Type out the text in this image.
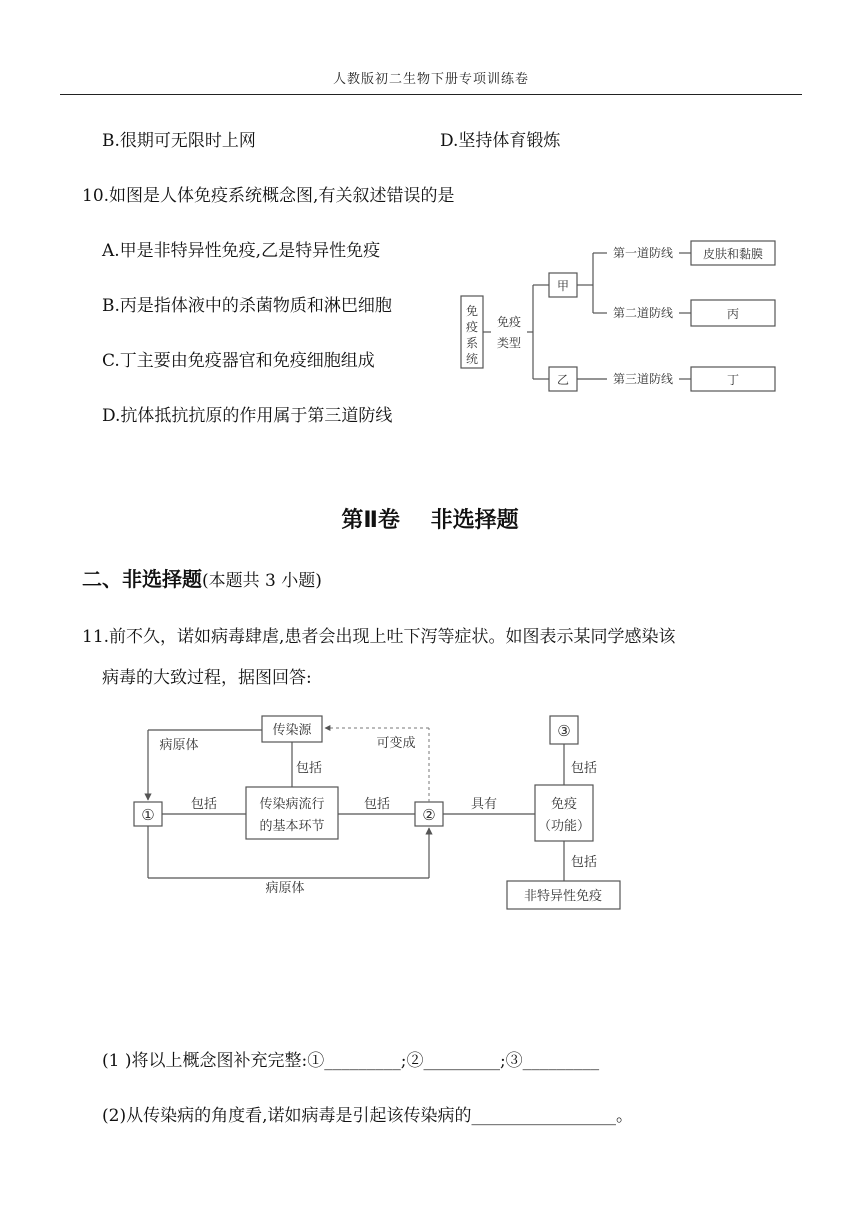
人教版初二生物下册专项训练卷
B.很期可无限时上网	D.坚持体育锻炼
10.如图是人体免疫系统概念图,有关叙述错误的是
A.甲是非特异性免疫,乙是特异性免疫
B.丙是指体液中的杀菌物质和淋巴细胞
C.丁主要由免疫器官和免疫细胞组成
D.抗体抵抗抗原的作用属于第三道防线
免
疫
系
统
免疫
类型
甲
乙
第一道防线
第二道防线
第三道防线
皮肤和黏膜
丙
丁
第Ⅱ卷 非选择题
二、非选择题(本题共 3 小题)
11.前不久，诺如病毒肆虐,患者会出现上吐下泻等症状。如图表示某同学感染该
病毒的大致过程，据图回答:
传染源
病原体	可变成
包括
包括	包括
传染病流行
的基本环节
①	②
③
病原体
具有	免疫
（功能）
包括
包括
非特异性免疫
(1 )将以上概念图补充完整:①_________;②_________;③_________
(2)从传染病的角度看,诺如病毒是引起该传染病的_________________。
